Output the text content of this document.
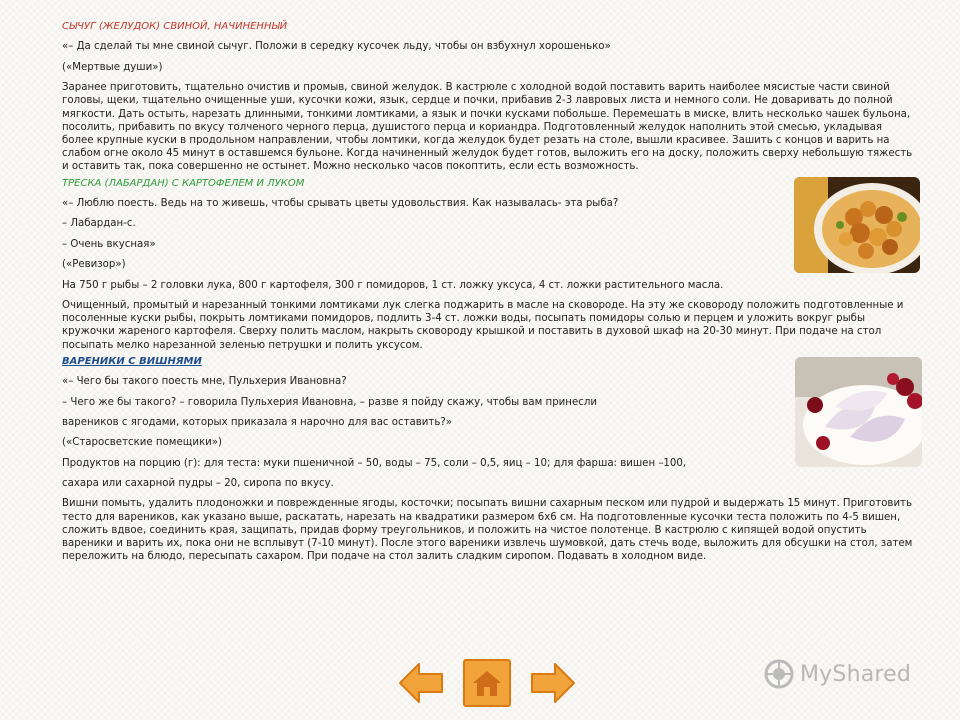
СЫЧУГ (ЖЕЛУДОК) СВИНОЙ, НАЧИНЕННЫЙ
«– Да сделай ты мне свиной сычуг. Положи в середку кусочек льду, чтобы он взбухнул хорошенько»
(«Мертвые души»)
Заранее приготовить, тщательно очистив и промыв, свиной желудок. В кастрюле с холодной водой поставить варить наиболее мясистые части свиной головы, щеки, тщательно очищенные уши, кусочки кожи, язык, сердце и почки, прибавив 2-3 лавровых листа и немного соли. Не доваривать до полной мягкости. Дать остыть, нарезать длинными, тонкими ломтиками, а язык и почки кусками побольше. Перемешать в миске, влить несколько чашек бульона, посолить, прибавить по вкусу толченого черного перца, душистого перца и кориандра. Подготовленный желудок наполнить этой смесью, укладывая более крупные куски в продольном направлении, чтобы ломтики, когда желудок будет резать на столе, вышли красивее. Зашить с концов и варить на слабом огне около 45 минут в оставшемся бульоне. Когда начиненный желудок будет готов, выложить его на доску, положить сверху небольшую тяжесть и оставить так, пока совершенно не остынет. Можно несколько часов покоптить, если есть возможность.
ТРЕСКА (ЛАБАРДАН) С КАРТОФЕЛЕМ И ЛУКОМ
«– Люблю поесть. Ведь на то живешь, чтобы срывать цветы удовольствия. Как называлась- эта рыба?
– Лабардан-с.
– Очень вкусная»
(«Ревизор»)
На 750 г рыбы – 2 головки лука, 800 г картофеля, 300 г помидоров, 1 ст. ложку уксуса, 4 ст. ложки растительного масла.
Очищенный, промытый и нарезанный тонкими ломтиками лук слегка поджарить в масле на сковороде. На эту же сковороду положить подготовленные и посоленные куски рыбы, покрыть ломтиками помидоров, подлить 3-4 ст. ложки воды, посыпать помидоры солью и перцем и уложить вокруг рыбы кружочки жареного картофеля. Сверху полить маслом, накрыть сковороду крышкой и поставить в духовой шкаф на 20-30 минут. При подаче на стол посыпать мелко нарезанной зеленью петрушки и полить уксусом.
ВАРЕНИКИ С ВИШНЯМИ
«– Чего бы такого поесть мне, Пульхерия Ивановна?
– Чего же бы такого? – говорила Пульхерия Ивановна, – разве я пойду скажу, чтобы вам принесли
вареников с ягодами, которых приказала я нарочно для вас оставить?»
(«Старосветские помещики»)
Продуктов на порцию (г): для теста: муки пшеничной – 50, воды – 75, соли – 0,5, яиц – 10; для фарша: вишен –100,
сахара или сахарной пудры – 20, сиропа по вкусу.
Вишни помыть, удалить плодоножки и поврежденные ягоды, косточки; посыпать вишни сахарным песком или пудрой и выдержать 15 минут. Приготовить тесто для вареников, как указано выше, раскатать, нарезать на квадратики размером 6х6 см. На подготовленные кусочки теста положить по 4-5 вишен, сложить вдвое, соединить края, защипать, придав форму треугольников, и положить на чистое полотенце. В кастрюлю с кипящей водой опустить вареники и варить их, пока они не всплывут (7-10 минут). После этого вареники извлечь шумовкой, дать стечь воде, выложить для обсушки на стол, затем переложить на блюдо, пересыпать сахаром. При подаче на стол залить сладким сиропом. Подавать в холодном виде.
MyShared
